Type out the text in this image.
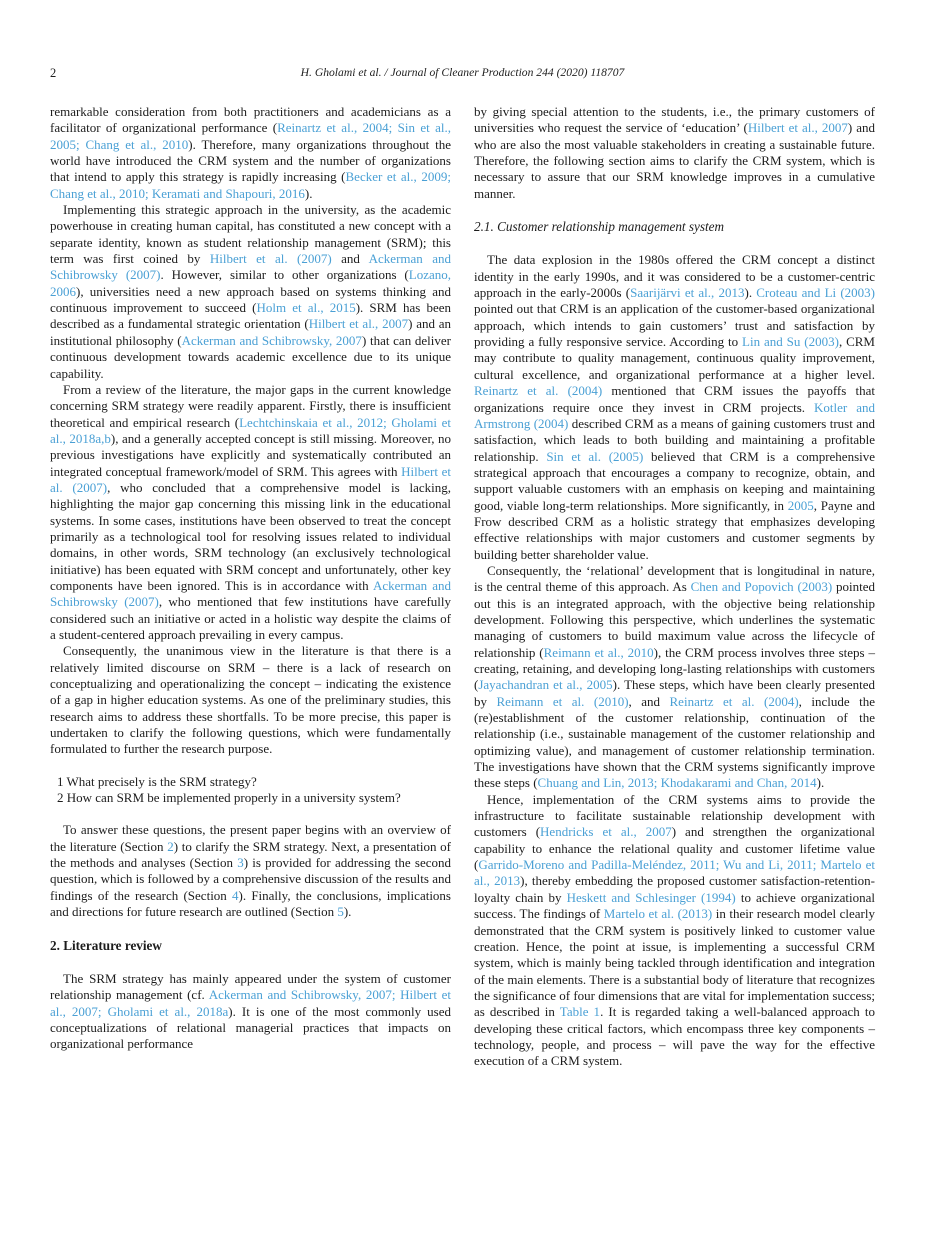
2	H. Gholami et al. / Journal of Cleaner Production 244 (2020) 118707

remarkable consideration from both practitioners and academicians as a facilitator of organizational performance (Reinartz et al., 2004; Sin et al., 2005; Chang et al., 2010). Therefore, many organizations throughout the world have introduced the CRM system and the number of organizations that intend to apply this strategy is rapidly increasing (Becker et al., 2009; Chang et al., 2010; Keramati and Shapouri, 2016).

Implementing this strategic approach in the university, as the academic powerhouse in creating human capital, has constituted a new concept with a separate identity, known as student relationship management (SRM); this term was first coined by Hilbert et al. (2007) and Ackerman and Schibrowsky (2007). However, similar to other organizations (Lozano, 2006), universities need a new approach based on systems thinking and continuous improvement to succeed (Holm et al., 2015). SRM has been described as a fundamental strategic orientation (Hilbert et al., 2007) and an institutional philosophy (Ackerman and Schibrowsky, 2007) that can deliver continuous development towards academic excellence due to its unique capability.

From a review of the literature, the major gaps in the current knowledge concerning SRM strategy were readily apparent. Firstly, there is insufficient theoretical and empirical research (Lechtchinskaia et al., 2012; Gholami et al., 2018a,b), and a generally accepted concept is still missing. Moreover, no previous investigations have explicitly and systematically contributed an integrated conceptual framework/model of SRM. This agrees with Hilbert et al. (2007), who concluded that a comprehensive model is lacking, highlighting the major gap concerning this missing link in the educational systems. In some cases, institutions have been observed to treat the concept primarily as a technological tool for resolving issues related to individual domains, in other words, SRM technology (an exclusively technological initiative) has been equated with SRM concept and unfortunately, other key components have been ignored. This is in accordance with Ackerman and Schibrowsky (2007), who mentioned that few institutions have carefully considered such an initiative or acted in a holistic way despite the claims of a student-centered approach prevailing in every campus.

Consequently, the unanimous view in the literature is that there is a relatively limited discourse on SRM – there is a lack of research on conceptualizing and operationalizing the concept – indicating the existence of a gap in higher education systems. As one of the preliminary studies, this research aims to address these shortfalls. To be more precise, this paper is undertaken to clarify the following questions, which were fundamentally formulated to further the research purpose.

1 What precisely is the SRM strategy?

2 How can SRM be implemented properly in a university system?

To answer these questions, the present paper begins with an overview of the literature (Section 2) to clarify the SRM strategy. Next, a presentation of the methods and analyses (Section 3) is provided for addressing the second question, which is followed by a comprehensive discussion of the results and findings of the research (Section 4). Finally, the conclusions, implications and directions for future research are outlined (Section 5).

2. Literature review

The SRM strategy has mainly appeared under the system of customer relationship management (cf. Ackerman and Schibrowsky, 2007; Hilbert et al., 2007; Gholami et al., 2018a). It is one of the most commonly used conceptualizations of relational managerial practices that impacts on organizational performance

by giving special attention to the students, i.e., the primary customers of universities who request the service of ‘education’ (Hilbert et al., 2007) and who are also the most valuable stakeholders in creating a sustainable future. Therefore, the following section aims to clarify the CRM system, which is necessary to assure that our SRM knowledge improves in a cumulative manner.

2.1. Customer relationship management system

The data explosion in the 1980s offered the CRM concept a distinct identity in the early 1990s, and it was considered to be a customer-centric approach in the early-2000s (Saarijärvi et al., 2013). Croteau and Li (2003) pointed out that CRM is an application of the customer-based organizational approach, which intends to gain customers’ trust and satisfaction by providing a fully responsive service. According to Lin and Su (2003), CRM may contribute to quality management, continuous quality improvement, cultural excellence, and organizational performance at a higher level. Reinartz et al. (2004) mentioned that CRM issues the payoffs that organizations require once they invest in CRM projects. Kotler and Armstrong (2004) described CRM as a means of gaining customers trust and satisfaction, which leads to both building and maintaining a profitable relationship. Sin et al. (2005) believed that CRM is a comprehensive strategical approach that encourages a company to recognize, obtain, and support valuable customers with an emphasis on keeping and maintaining good, viable long-term relationships. More significantly, in 2005, Payne and Frow described CRM as a holistic strategy that emphasizes developing effective relationships with major customers and customer segments by building better shareholder value.

Consequently, the ‘relational’ development that is longitudinal in nature, is the central theme of this approach. As Chen and Popovich (2003) pointed out this is an integrated approach, with the objective being relationship development. Following this perspective, which underlines the systematic managing of customers to build maximum value across the lifecycle of relationship (Reimann et al., 2010), the CRM process involves three steps – creating, retaining, and developing long-lasting relationships with customers (Jayachandran et al., 2005). These steps, which have been clearly presented by Reimann et al. (2010), and Reinartz et al. (2004), include the (re)establishment of the customer relationship, continuation of the relationship (i.e., sustainable management of the customer relationship and optimizing value), and management of customer relationship termination. The investigations have shown that the CRM systems significantly improve these steps (Chuang and Lin, 2013; Khodakarami and Chan, 2014).

Hence, implementation of the CRM systems aims to provide the infrastructure to facilitate sustainable relationship development with customers (Hendricks et al., 2007) and strengthen the organizational capability to enhance the relational quality and customer lifetime value (Garrido-Moreno and Padilla-Meléndez, 2011; Wu and Li, 2011; Martelo et al., 2013), thereby embedding the proposed customer satisfaction-retention-loyalty chain by Heskett and Schlesinger (1994) to achieve organizational success. The findings of Martelo et al. (2013) in their research model clearly demonstrated that the CRM system is positively linked to customer value creation. Hence, the point at issue, is implementing a successful CRM system, which is mainly being tackled through identification and integration of the main elements. There is a substantial body of literature that recognizes the significance of four dimensions that are vital for implementation success; as described in Table 1. It is regarded taking a well-balanced approach to developing these critical factors, which encompass three key components – technology, people, and process – will pave the way for the effective execution of a CRM system.
